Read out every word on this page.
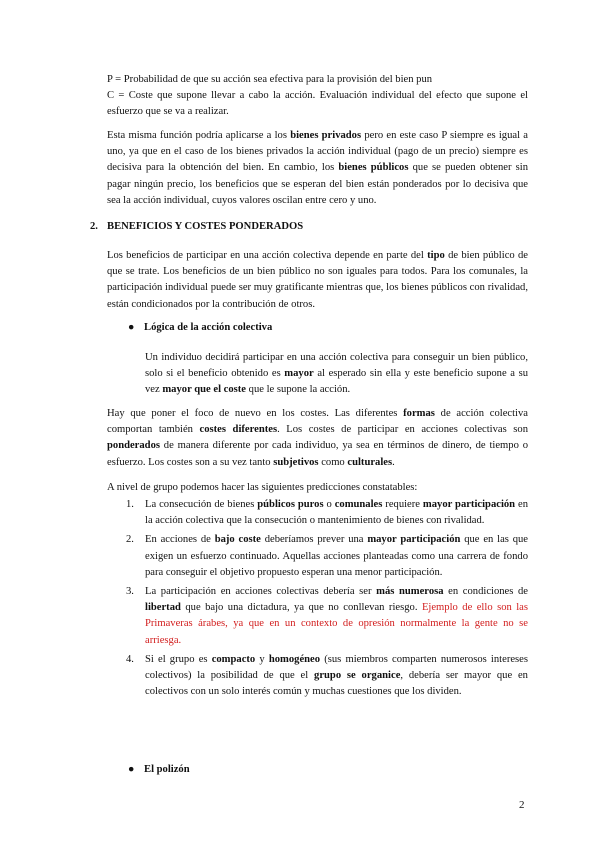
P = Probabilidad de que su acción sea efectiva para la provisión del bien pun
C = Coste que supone llevar a cabo la acción. Evaluación individual del efecto que supone el esfuerzo que se va a realizar.

Esta misma función podría aplicarse a los bienes privados pero en este caso P siempre es igual a uno, ya que en el caso de los bienes privados la acción individual (pago de un precio) siempre es decisiva para la obtención del bien. En cambio, los bienes públicos que se pueden obtener sin pagar ningún precio, los beneficios que se esperan del bien están ponderados por lo decisiva que sea la acción individual, cuyos valores oscilan entre cero y uno.

2. BENEFICIOS Y COSTES PONDERADOS

Los beneficios de participar en una acción colectiva depende en parte del tipo de bien público de que se trate. Los beneficios de un bien público no son iguales para todos. Para los comunales, la participación individual puede ser muy gratificante mientras que, los bienes públicos con rivalidad, están condicionados por la contribución de otros.

● Lógica de la acción colectiva

Un individuo decidirá participar en una acción colectiva para conseguir un bien público, solo si el beneficio obtenido es mayor al esperado sin ella y este beneficio supone a su vez mayor que el coste que le supone la acción.

Hay que poner el foco de nuevo en los costes. Las diferentes formas de acción colectiva comportan también costes diferentes. Los costes de participar en acciones colectivas son ponderados de manera diferente por cada individuo, ya sea en términos de dinero, de tiempo o esfuerzo. Los costes son a su vez tanto subjetivos como culturales.

A nivel de grupo podemos hacer las siguientes predicciones constatables:
1. La consecución de bienes públicos puros o comunales requiere mayor participación en la acción colectiva que la consecución o mantenimiento de bienes con rivalidad.
2. En acciones de bajo coste deberíamos prever una mayor participación que en las que exigen un esfuerzo continuado. Aquellas acciones planteadas como una carrera de fondo para conseguir el objetivo propuesto esperan una menor participación.
3. La participación en acciones colectivas debería ser más numerosa en condiciones de libertad que bajo una dictadura, ya que no conllevan riesgo. Ejemplo de ello son las Primaveras árabes, ya que en un contexto de opresión normalmente la gente no se arriesga.
4. Si el grupo es compacto y homogéneo (sus miembros comparten numerosos intereses colectivos) la posibilidad de que el grupo se organice, debería ser mayor que en colectivos con un solo interés común y muchas cuestiones que los dividen.
● El polizón
2
